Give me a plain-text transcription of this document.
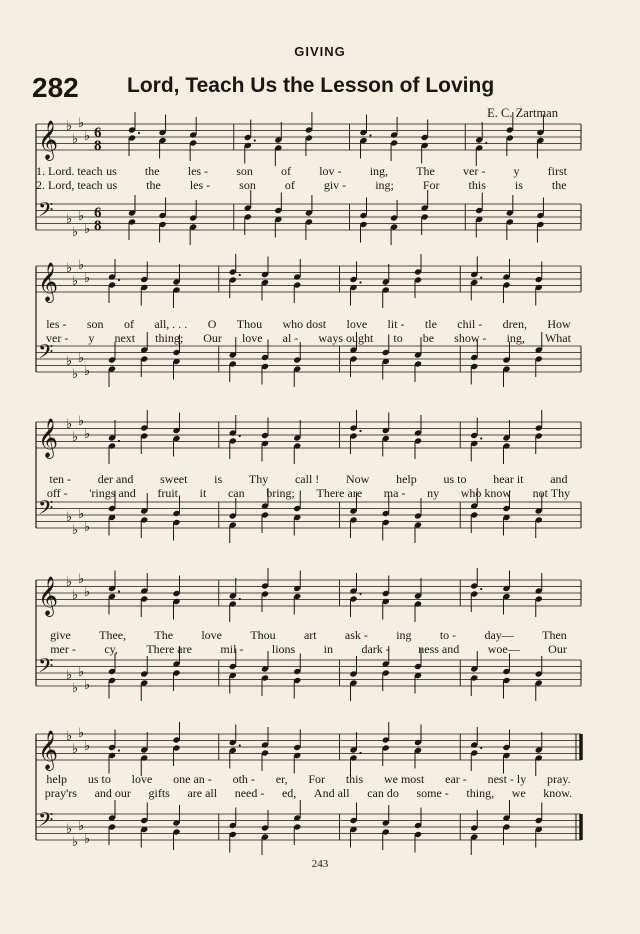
GIVING
282 Lord, Teach Us the Lesson of Loving
E. C. Zartman
𝄞 ♭
♭
♭
♭ 6
8
𝄢 ♭
♭
♭
♭
6
8
1. Lord. teach us	the	les -	son	of	lov -	ing,	The	ver -	y	first
2. Lord, teach us	the	les -	son	of	giv -	ing;	For	this	is	the
𝄞 ♭
♭
♭
♭
𝄢 ♭
♭
♭
♭
les -	son	of	all, . . .	O	Thou	who dost	love	lit -	tle	chil -	dren,	How
ver -	y	next	thing;	Our	love	al -	ways ought	to	be	show -	ing,	What
𝄞 ♭
♭
♭
♭
𝄢 ♭
♭
♭
♭
ten -	der and	sweet	is	Thy	call !	Now	help	us to	hear it	and
off -	'rings and	fruit	it	can	bring;	There are	ma -	ny	who know	not Thy
𝄞 ♭
♭
♭
♭
𝄢 ♭
♭
♭
♭
give	Thee,	The	love	Thou	art	ask -	ing	to -	day—	Then
mer -	cy,	There are	mil -	lions	in	dark -	ness and	woe—	Our
𝄞 ♭
♭
♭
♭
𝄢 ♭
♭
♭
♭
help	us to	love	one an -	oth -	er,	For	this	we most	ear -	nest - ly	pray.
pray'rs	and our	gifts	are all	need -	ed,	And all	can do	some -	thing,	we	know.
243
